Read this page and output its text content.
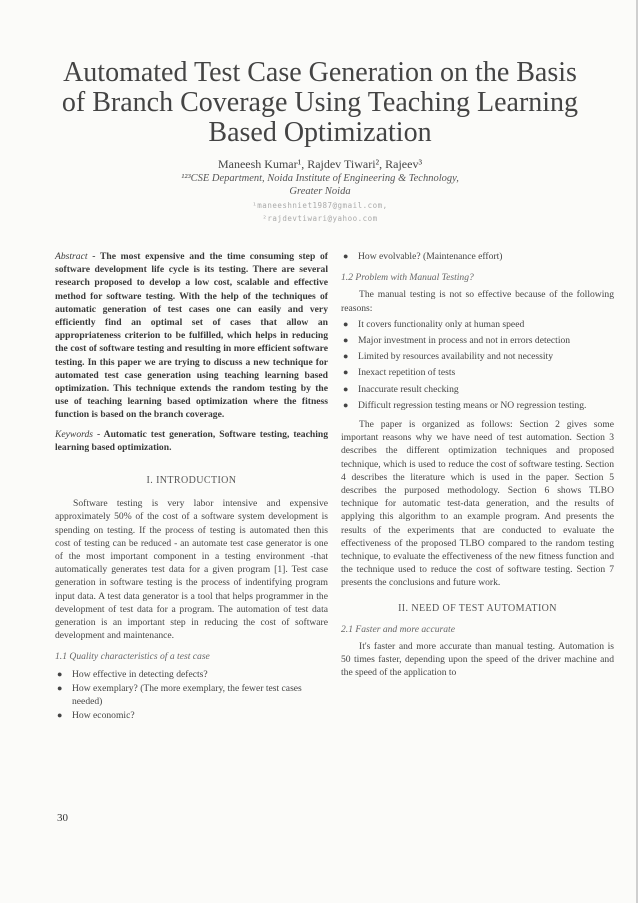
Automated Test Case Generation on the Basis of Branch Coverage Using Teaching Learning Based Optimization
Maneesh Kumar¹, Rajdev Tiwari², Rajeev³
¹²³CSE Department, Noida Institute of Engineering & Technology, Greater Noida
¹maneeshniet1987@gmail.com,
²rajdevtiwari@yahoo.com
Abstract - The most expensive and the time consuming step of software development life cycle is its testing. There are several research proposed to develop a low cost, scalable and effective method for software testing. With the help of the techniques of automatic generation of test cases one can easily and very efficiently find an optimal set of cases that allow an appropriateness criterion to be fulfilled, which helps in reducing the cost of software testing and resulting in more efficient software testing. In this paper we are trying to discuss a new technique for automated test case generation using teaching learning based optimization. This technique extends the random testing by the use of teaching learning based optimization where the fitness function is based on the branch coverage.
Keywords - Automatic test generation, Software testing, teaching learning based optimization.
I. INTRODUCTION

Software testing is very labor intensive and expensive approximately 50% of the cost of a software system development is spending on testing. If the process of testing is automated then this cost of testing can be reduced - an automate test case generator is one of the most important component in a testing environment -that automatically generates test data for a given program [1]. Test case generation in software testing is the process of indentifying program input data. A test data generator is a tool that helps programmer in the development of test data for a program. The automation of test data generation is an important step in reducing the cost of software development and maintenance.

1.1 Quality characteristics of a test case
● How effective in detecting defects?
● How exemplary? (The more exemplary, the fewer test cases needed)
● How economic?
● How evolvable? (Maintenance effort)
1.2 Problem with Manual Testing?

The manual testing is not so effective because of the following reasons:

● It covers functionality only at human speed
● Major investment in process and not in errors detection
● Limited by resources availability and not necessity
● Inexact repetition of tests
● Inaccurate result checking
● Difficult regression testing means or NO regression testing.

The paper is organized as follows: Section 2 gives some important reasons why we have need of test automation. Section 3 describes the different optimization techniques and proposed technique, which is used to reduce the cost of software testing. Section 4 describes the literature which is used in the paper. Section 5 describes the purposed methodology. Section 6 shows TLBO technique for automatic test-data generation, and the results of applying this algorithm to an example program. And presents the results of the experiments that are conducted to evaluate the effectiveness of the proposed TLBO compared to the random testing technique, to evaluate the effectiveness of the new fitness function and the technique used to reduce the cost of software testing. Section 7 presents the conclusions and future work.

II. NEED OF TEST AUTOMATION
2.1 Faster and more accurate

It's faster and more accurate than manual testing. Automation is 50 times faster, depending upon the speed of the driver machine and the speed of the application to

30
